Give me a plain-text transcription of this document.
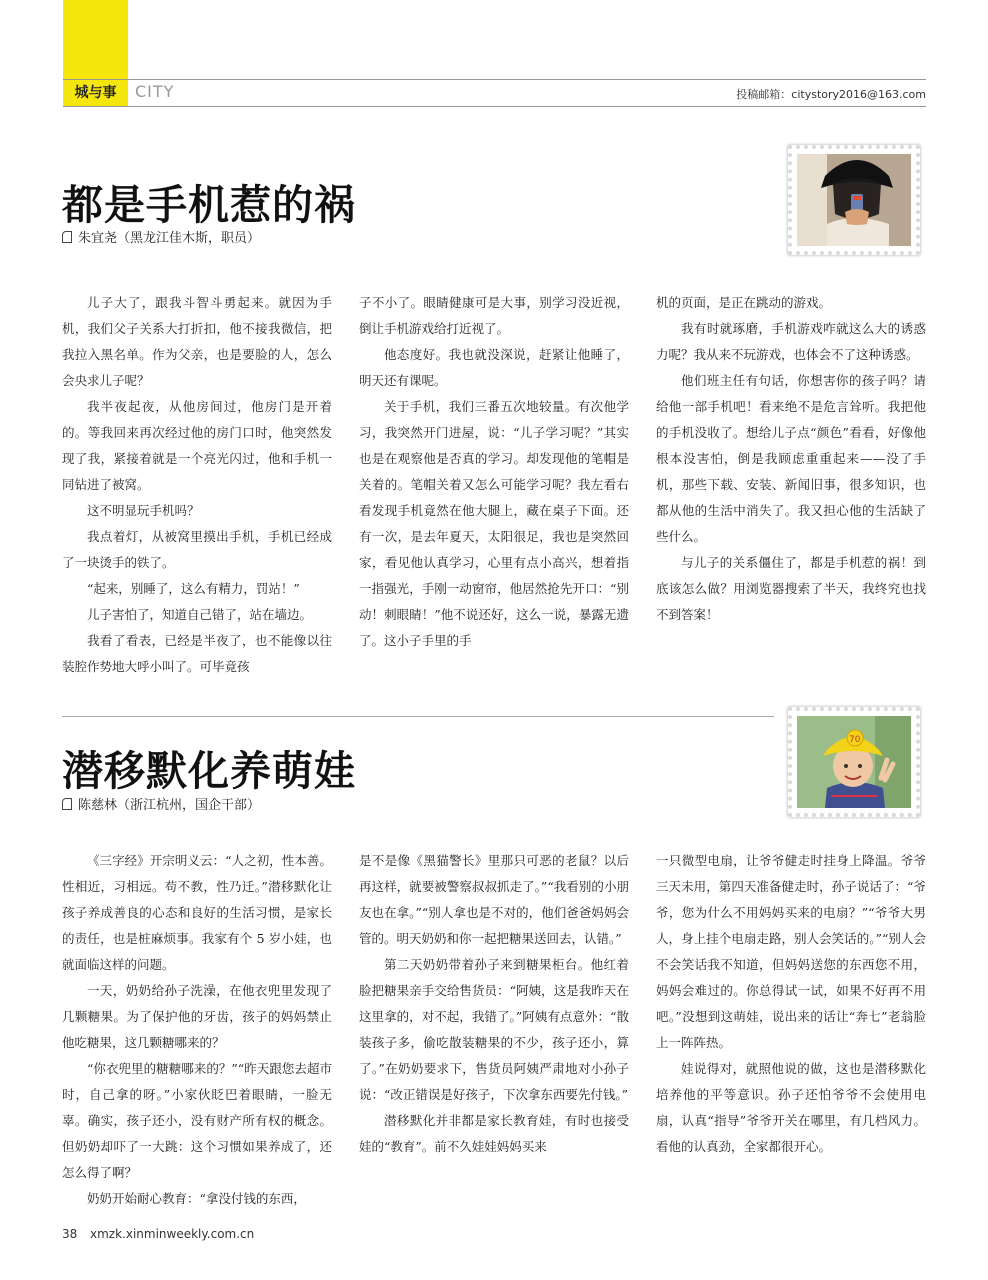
城与事	CITY	投稿邮箱：citystory2016@163.com
都是手机惹的祸
朱宜尧（黑龙江佳木斯，职员）

儿子大了，跟我斗智斗勇起来。就因为手机，我们父子关系大打折扣，他不接我微信，把我拉入黑名单。作为父亲，也是要脸的人，怎么会央求儿子呢？

我半夜起夜，从他房间过，他房门是开着的。等我回来再次经过他的房门口时，他突然发现了我，紧接着就是一个亮光闪过，他和手机一同钻进了被窝。

这不明显玩手机吗？

我点着灯，从被窝里摸出手机，手机已经成了一块烫手的铁了。

“起来，别睡了，这么有精力，罚站！”

儿子害怕了，知道自己错了，站在墙边。

我看了看表，已经是半夜了，也不能像以往装腔作势地大呼小叫了。可毕竟孩

子不小了。眼睛健康可是大事，别学习没近视，倒让手机游戏给打近视了。

他态度好。我也就没深说，赶紧让他睡了，明天还有课呢。

关于手机，我们三番五次地较量。有次他学习，我突然开门进屋，说：“儿子学习呢？”其实也是在观察他是否真的学习。却发现他的笔帽是关着的。笔帽关着又怎么可能学习呢？我左看右看发现手机竟然在他大腿上，藏在桌子下面。还有一次，是去年夏天，太阳很足，我也是突然回家，看见他认真学习，心里有点小高兴，想着指一指强光，手刚一动窗帘，他居然抢先开口：“别动！刺眼睛！”他不说还好，这么一说，暴露无遗了。这小子手里的手

机的页面，是正在跳动的游戏。

我有时就琢磨，手机游戏咋就这么大的诱惑力呢？我从来不玩游戏，也体会不了这种诱惑。

他们班主任有句话，你想害你的孩子吗？请给他一部手机吧！看来绝不是危言耸听。我把他的手机没收了。想给儿子点“颜色”看看，好像他根本没害怕，倒是我顾虑重重起来——没了手机，那些下载、安装、新闻旧事，很多知识，也都从他的生活中消失了。我又担心他的生活缺了些什么。

与儿子的关系僵住了，都是手机惹的祸！到底该怎么做？用浏览器搜索了半天，我终究也找不到答案！

潜移默化养萌娃
陈慈林（浙江杭州，国企干部）
70

《三字经》开宗明义云：“人之初，性本善。性相近，习相远。苟不教，性乃迁。”潜移默化让孩子养成善良的心态和良好的生活习惯，是家长的责任，也是桩麻烦事。我家有个 5 岁小娃，也就面临这样的问题。

一天，奶奶给孙子洗澡，在他衣兜里发现了几颗糖果。为了保护他的牙齿，孩子的妈妈禁止他吃糖果，这几颗糖哪来的？

“你衣兜里的糖糖哪来的？”“昨天跟您去超市时，自己拿的呀。”小家伙眨巴着眼睛，一脸无辜。确实，孩子还小，没有财产所有权的概念。但奶奶却吓了一大跳：这个习惯如果养成了，还怎么得了啊？

奶奶开始耐心教育：“拿没付钱的东西，

是不是像《黑猫警长》里那只可恶的老鼠？以后再这样，就要被警察叔叔抓走了。”“我看别的小朋友也在拿。”“别人拿也是不对的，他们爸爸妈妈会管的。明天奶奶和你一起把糖果送回去，认错。”

第二天奶奶带着孙子来到糖果柜台。他红着脸把糖果亲手交给售货员：“阿姨，这是我昨天在这里拿的，对不起，我错了。”阿姨有点意外：“散装孩子多，偷吃散装糖果的不少，孩子还小，算了。”在奶奶要求下，售货员阿姨严肃地对小孙子说：“改正错误是好孩子，下次拿东西要先付钱。”

潜移默化并非都是家长教育娃，有时也接受娃的“教育”。前不久娃娃妈妈买来

一只微型电扇，让爷爷健走时挂身上降温。爷爷三天未用，第四天准备健走时，孙子说话了：“爷爷，您为什么不用妈妈买来的电扇？”“爷爷大男人，身上挂个电扇走路，别人会笑话的。”“别人会不会笑话我不知道，但妈妈送您的东西您不用，妈妈会难过的。你总得试一试，如果不好再不用吧。”没想到这萌娃，说出来的话让“奔七”老翁脸上一阵阵热。

娃说得对，就照他说的做，这也是潜移默化培养他的平等意识。孙子还怕爷爷不会使用电扇，认真“指导”爷爷开关在哪里，有几档风力。看他的认真劲，全家都很开心。

38 xmzk.xinminweekly.com.cn
